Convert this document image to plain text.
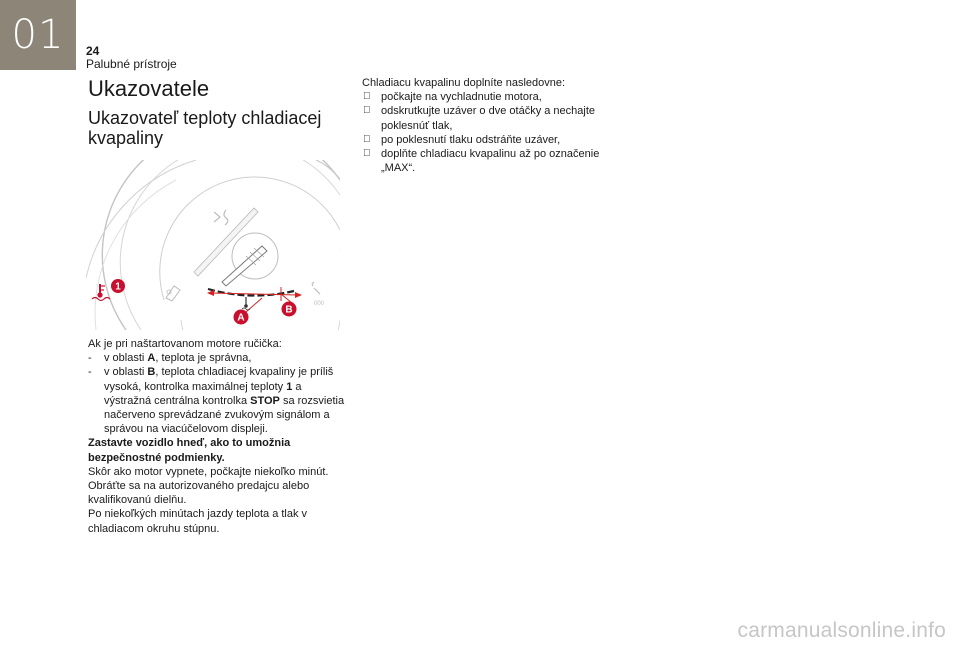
01	24
Palubné prístroje
Ukazovatele
Ukazovateľ teploty chladiacej kvapaliny
000
1
A
B

Ak je pri naštartovanom motore ručička:

- v oblasti A, teplota je správna,

- v oblasti B, teplota chladiacej kvapaliny je príliš vysoká, kontrolka maximálnej teploty 1 a výstražná centrálna kontrolka STOP sa rozsvietia načerveno sprevádzané zvukovým signálom a správou na viacúčelovom displeji.

Zastavte vozidlo hneď, ako to umožnia bezpečnostné podmienky.

Skôr ako motor vypnete, počkajte niekoľko minút.

Obráťte sa na autorizovaného predajcu alebo kvalifikovanú dielňu.

Po niekoľkých minútach jazdy teplota a tlak v chladiacom okruhu stúpnu.

Chladiacu kvapalinu doplníte nasledovne:

počkajte na vychladnutie motora,

odskrutkujte uzáver o dve otáčky a nechajte poklesnúť tlak,

po poklesnutí tlaku odstráňte uzáver,

doplňte chladiacu kvapalinu až po označenie „MAX“.

carmanualsonline.info
